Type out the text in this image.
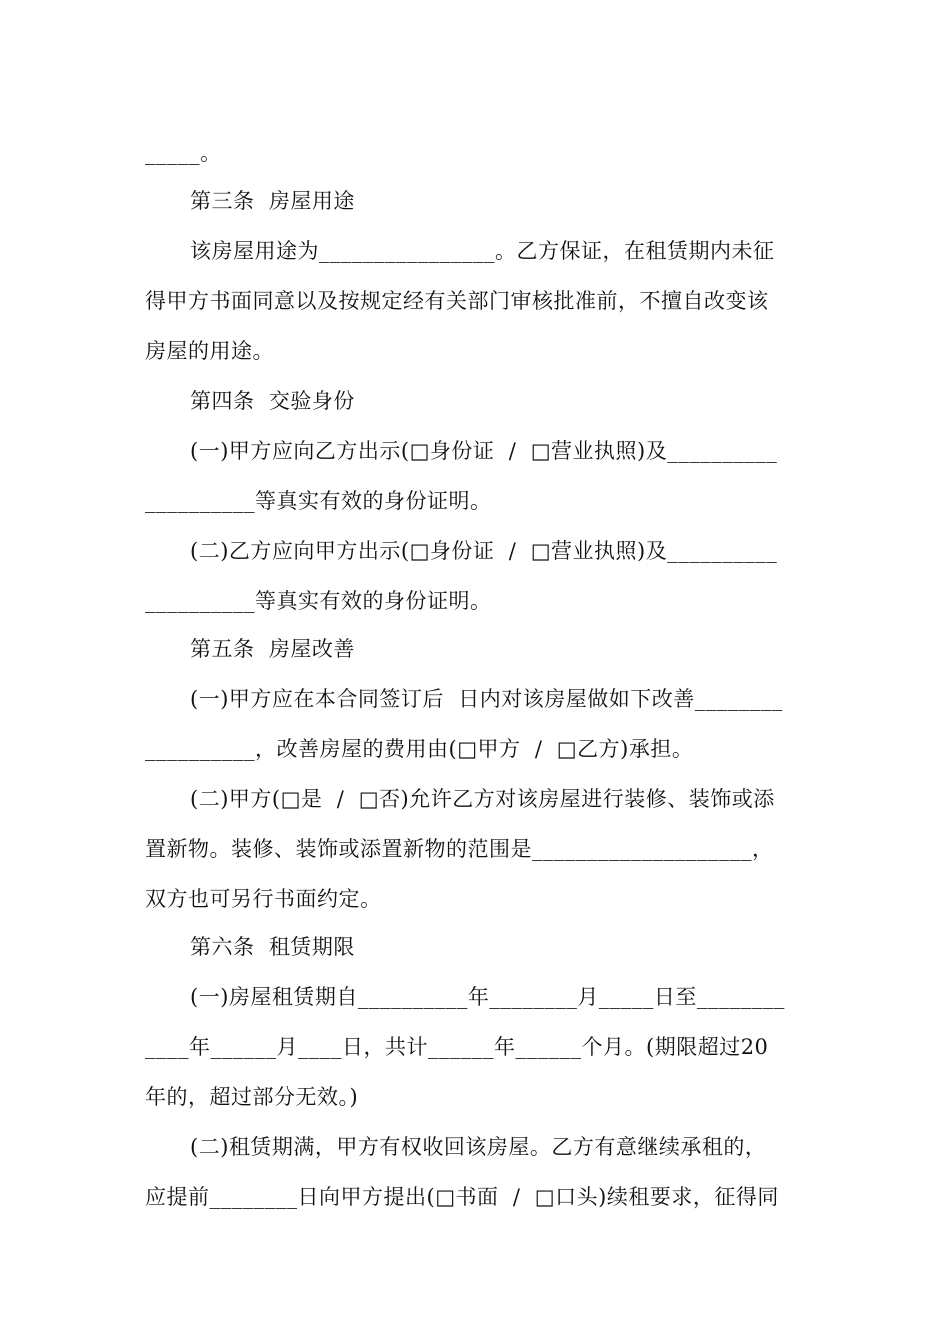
_____。
第三条  房屋用途
该房屋用途为________________。乙方保证，在租赁期内未征
得甲方书面同意以及按规定经有关部门审核批准前，不擅自改变该
房屋的用途。
第四条  交验身份
(一)甲方应向乙方出示(□身份证  /  □营业执照)及__________
__________等真实有效的身份证明。
(二)乙方应向甲方出示(□身份证  /  □营业执照)及__________
__________等真实有效的身份证明。
第五条  房屋改善
(一)甲方应在本合同签订后  日内对该房屋做如下改善________
__________，改善房屋的费用由(□甲方  /  □乙方)承担。
(二)甲方(□是  /  □否)允许乙方对该房屋进行装修、装饰或添
置新物。装修、装饰或添置新物的范围是____________________，
双方也可另行书面约定。
第六条  租赁期限
(一)房屋租赁期自__________年________月_____日至________
____年______月____日，共计______年______个月。(期限超过20
年的，超过部分无效。)
(二)租赁期满，甲方有权收回该房屋。乙方有意继续承租的，
应提前________日向甲方提出(□书面  /  □口头)续租要求，征得同
